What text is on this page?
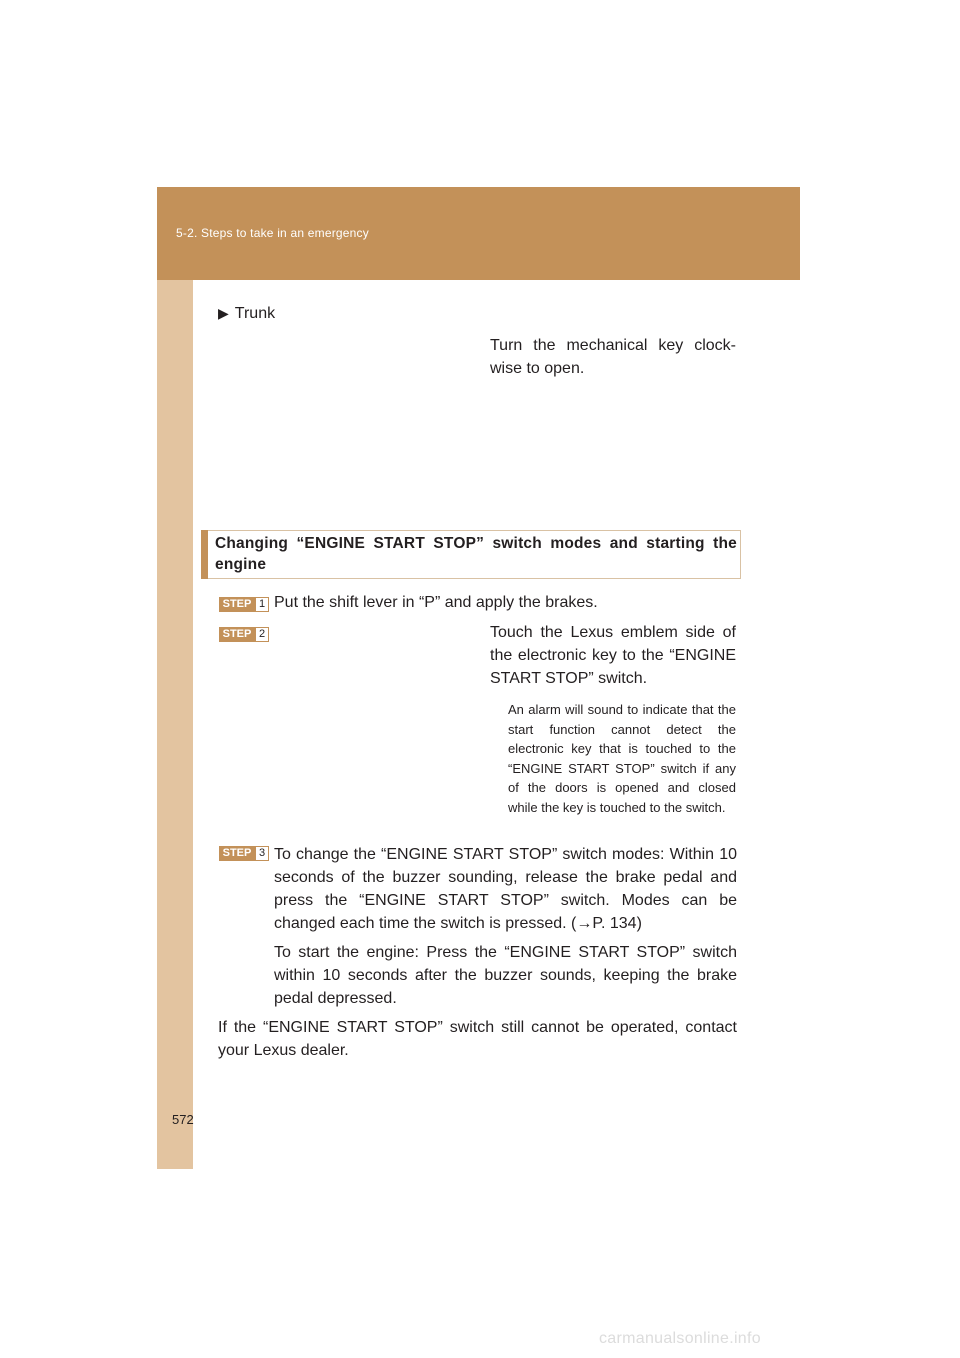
5-2. Steps to take in an emergency
▶ Trunk
Turn the mechanical key clock- wise to open.
Changing “ENGINE START STOP” switch modes and starting the engine
STEP 1 Put the shift lever in “P” and apply the brakes.
STEP 2	Touch the Lexus emblem side of the electronic key to the “ENGINE START STOP” switch.
An alarm will sound to indicate that the start function cannot detect the electronic key that is touched to the “ENGINE START STOP” switch if any of the doors is opened and closed while the key is touched to the switch.
STEP 3 To change the “ENGINE START STOP” switch modes: Within 10 seconds of the buzzer sounding, release the brake pedal and press the “ENGINE START STOP” switch. Modes can be changed each time the switch is pressed. (→P. 134)

To start the engine: Press the “ENGINE START STOP” switch within 10 seconds after the buzzer sounds, keeping the brake pedal depressed.

If the “ENGINE START STOP” switch still cannot be operated, contact your Lexus dealer.
572
carmanualsonline.info
